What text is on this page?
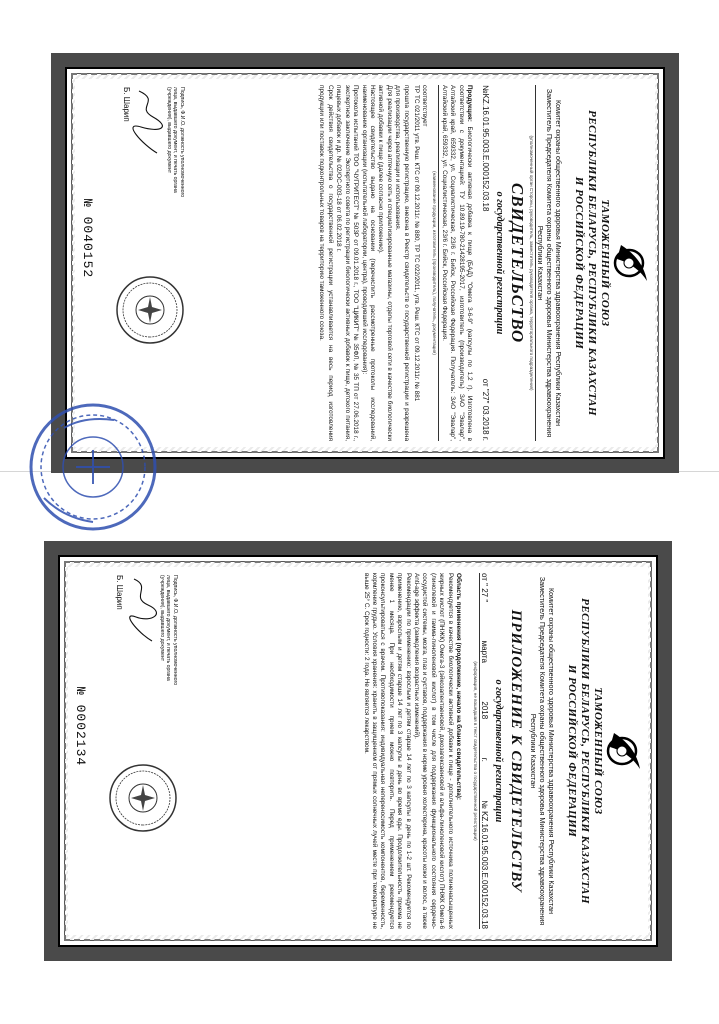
ТАМОЖЕННЫЙ СОЮЗ
РЕСПУБЛИКИ БЕЛАРУСЬ, РЕСПУБЛИКИ КАЗАХСТАН
И РОССИЙСКОЙ ФЕДЕРАЦИИ
Комитет охраны общественного здоровья Министерства здравоохранения Республики Казахстан
Заместитель Председателя Комитета охраны общественного здоровья Министерства здравоохранения Республики Казахстан
(уполномоченный орган Стороны, руководитель, заместитель руководителя органа, территориального подразделения)
СВИДЕТЕЛЬСТВО
о государственной регистрации
№KZ.16.01.95.003.Е.000152.03.18
от "27" 03.2018 г.
Продукция: Биологически активная добавка к пище (БАД) "Омега 3-6-9" (капсулы по 1,2 г). Изготовлена в соответствии с документацией: ТУ 10.89.19-780-21428195-2017, изготовитель (производитель) ЗАО "Эвалар", Алтайский край, 659332, ул. Социалистическая, 23/6 г. Бийск, Российская Федерация. Получатель: ЗАО "Эвалар", Алтайский край, 659332, ул. Социалистическая, 23/6 г. Бийск, Российская Федерация.
(наименование продукции, изготовитель (производитель), получатель, документация)
соответствует
ТР ТС 021/2011 утв. Реш. КТС от 09.12.2011г. № 880, ТР ТС 022/2011, утв. Реш. КТС от 09.12.2011г. № 881
прошла государственную регистрацию, внесена в Реестр свидетельств о государственной регистрации и разрешена для производства, реализации и использования.
Для реализации через аптечную сеть и специализированные магазины, отделы торговой сети в качестве биологически активной добавки к пище (далее согласно приложению).
Настоящее свидетельство выдано на основании (перечислить рассмотренные протоколы исследований, наименование организации (испытательной лаборатории, центра), проводившей исследования):
Протокола испытаний ТОО "ЧУГРИТЕСТ" № 503Р от 09.01.2018 г., ТОО "ЦИКИТ" № 35ФЛ, № 35 ТП от 27.06.2018 г., экспертное заключение Экспертного совета по регистрации биологически активных добавок к пище, детского питания, пищевых добавок и др. № 02/ОС-003-18 от 06.02.2018 г.
Срок действия свидетельства о государственной регистрации устанавливается на весь период изготовления продукции или поставок подконтрольных товаров на территорию таможенного союза.
Подпись, Ф.И.О. должность уполномоченного лица, выдавшего документ, и печать органа (учреждения), выдавшего документ
Б. Шарип
№ 0040152
ТАМОЖЕННЫЙ СОЮЗ
РЕСПУБЛИКИ БЕЛАРУСЬ, РЕСПУБЛИКИ КАЗАХСТАН
И РОССИЙСКОЙ ФЕДЕРАЦИИ
Комитет охраны общественного здоровья Министерства здравоохранения Республики Казахстан
Заместитель Председателя Комитета охраны общественного здоровья Министерства здравоохранения Республики Казахстан
ПРИЛОЖЕНИЕ К СВИДЕТЕЛЬСТВУ
о государственной регистрации
от " 27 "
марта
2018
г.
№ KZ.16.01.95.003.Е.000152.03.18
(информация, не вошедшая в текст свидетельства о государственной регистрации)
Область применения (продолжение, начало на бланке свидетельства):
Рекомендуется в качестве биологически активной добавки к пище - дополнительного источника полиненасыщенных жирных кислот (ПНЖК) Омега-3 (эйкозапентаеновой, докозагексаеновой и альфа-линоленовой кислот) ПНЖК Омега-6 (линолевой и гамма-линоленовой кислот) в том числе для поддержания функционального состояния сердечно-сосудистой системы, мозга, глаз и суставов, поддержания в норме уровня холестерина, красоты кожи и волос, а также Anti-age эффекта (замедления возрастных изменений).
Рекомендации по применению: взрослым и детям старше 14 лет по 3 капсулы в день по 1-2 шт. Рекомендуется по применению, взрослым и детям старше 14 лет по 3 капсулы в день во время еды. Продолжительность приема не менее 1 месяца. При необходимости прием можно повторить. Перед применением рекомендуется проконсультироваться с врачом. Противопоказания: индивидуальная непереносимость компонентов, беременность, кормление грудью. Условия хранения: хранить в защищенном от прямых солнечных лучей месте при температуре не выше 25° С. Срок годности: 2 года. Не является лекарством.
Подпись, Ф.И.О. должность уполномоченного лица, выдавшего документ, и печать органа (учреждения), выдавшего документ
Б. Шарип
№ 0002134
